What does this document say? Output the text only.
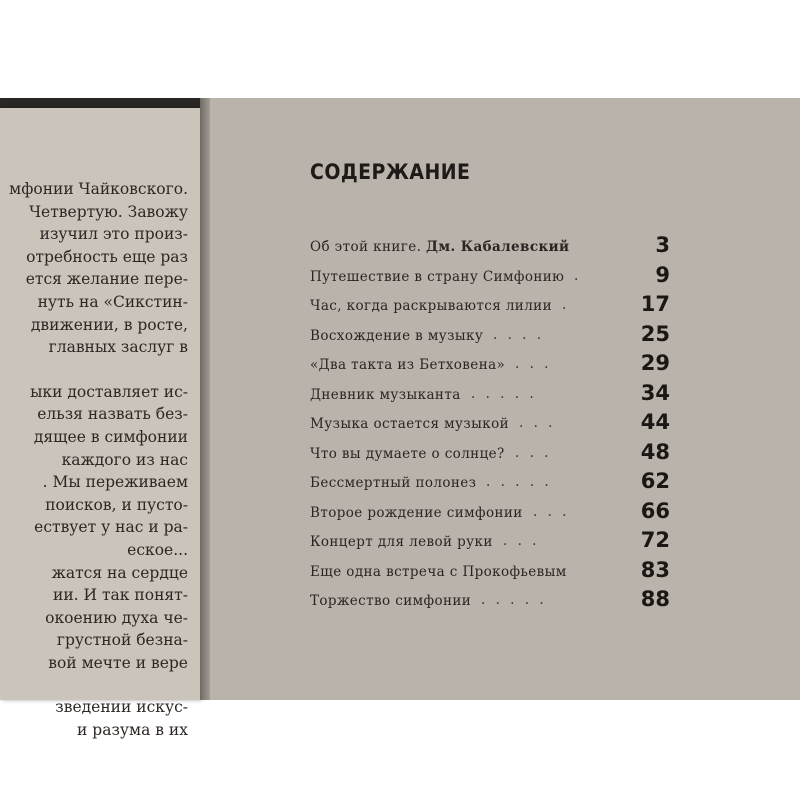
мфонии Чайковского.
Четвертую. Завожу
изучил это произ-
отребность еще раз
ется желание пере-
нуть на «Сикстин-
движении, в росте,
главных заслуг в
ыки доставляет ис-
ельзя назвать без-
дящее в симфонии
каждого из нас
. Мы переживаем
поисков, и пусто-
ествует у нас и ра-
еское...
жатся на сердце
ии. И так понят-
окоению духа че-
грустной безна-
вой мечте и вере
зведении искус-
и разума в их
СОДЕРЖАНИЕ
Об этой книге. Дм. Кабалевский	3
Путешествие в страну Симфонию .	9
Час, когда раскрываются лилии .	17
Восхождение в музыку . . . .	25
«Два такта из Бетховена» . . .	29
Дневник музыканта . . . . .	34
Музыка остается музыкой . . .	44
Что вы думаете о солнце? . . .	48
Бессмертный полонез . . . . .	62
Второе рождение симфонии . . .	66
Концерт для левой руки . . .	72
Еще одна встреча с Прокофьевым	83
Торжество симфонии . . . . .	88
